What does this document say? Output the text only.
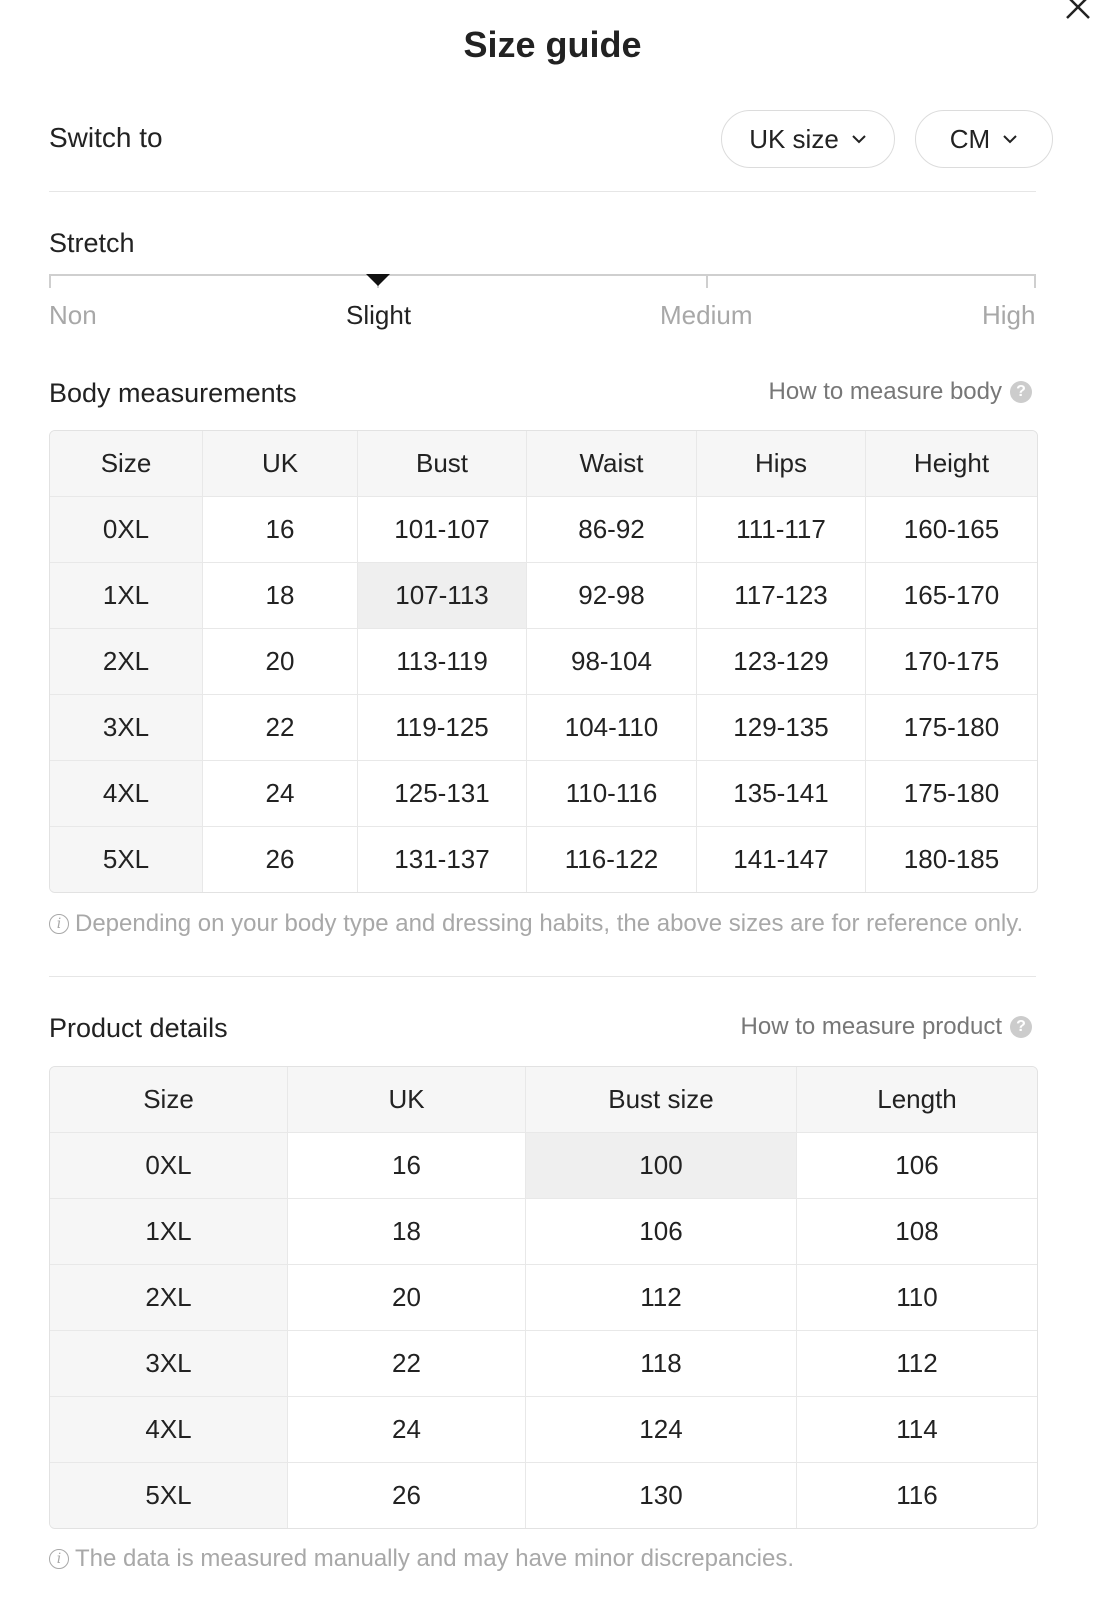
Size guide
Switch to	UK size	CM
Stretch
Non	Slight	Medium	High
Body measurements	How to measure body ?
Size	UK	Bust	Waist	Hips	Height
0XL	16	101-107	86-92	111-117	160-165
1XL	18	107-113	92-98	117-123	165-170
2XL	20	113-119	98-104	123-129	170-175
3XL	22	119-125	104-110	129-135	175-180
4XL	24	125-131	110-116	135-141	175-180
5XL	26	131-137	116-122	141-147	180-185
i Depending on your body type and dressing habits, the above sizes are for reference only.
Product details	How to measure product ?
Size	UK	Bust size	Length
0XL	16	100	106
1XL	18	106	108
2XL	20	112	110
3XL	22	118	112
4XL	24	124	114
5XL	26	130	116
i The data is measured manually and may have minor discrepancies.
